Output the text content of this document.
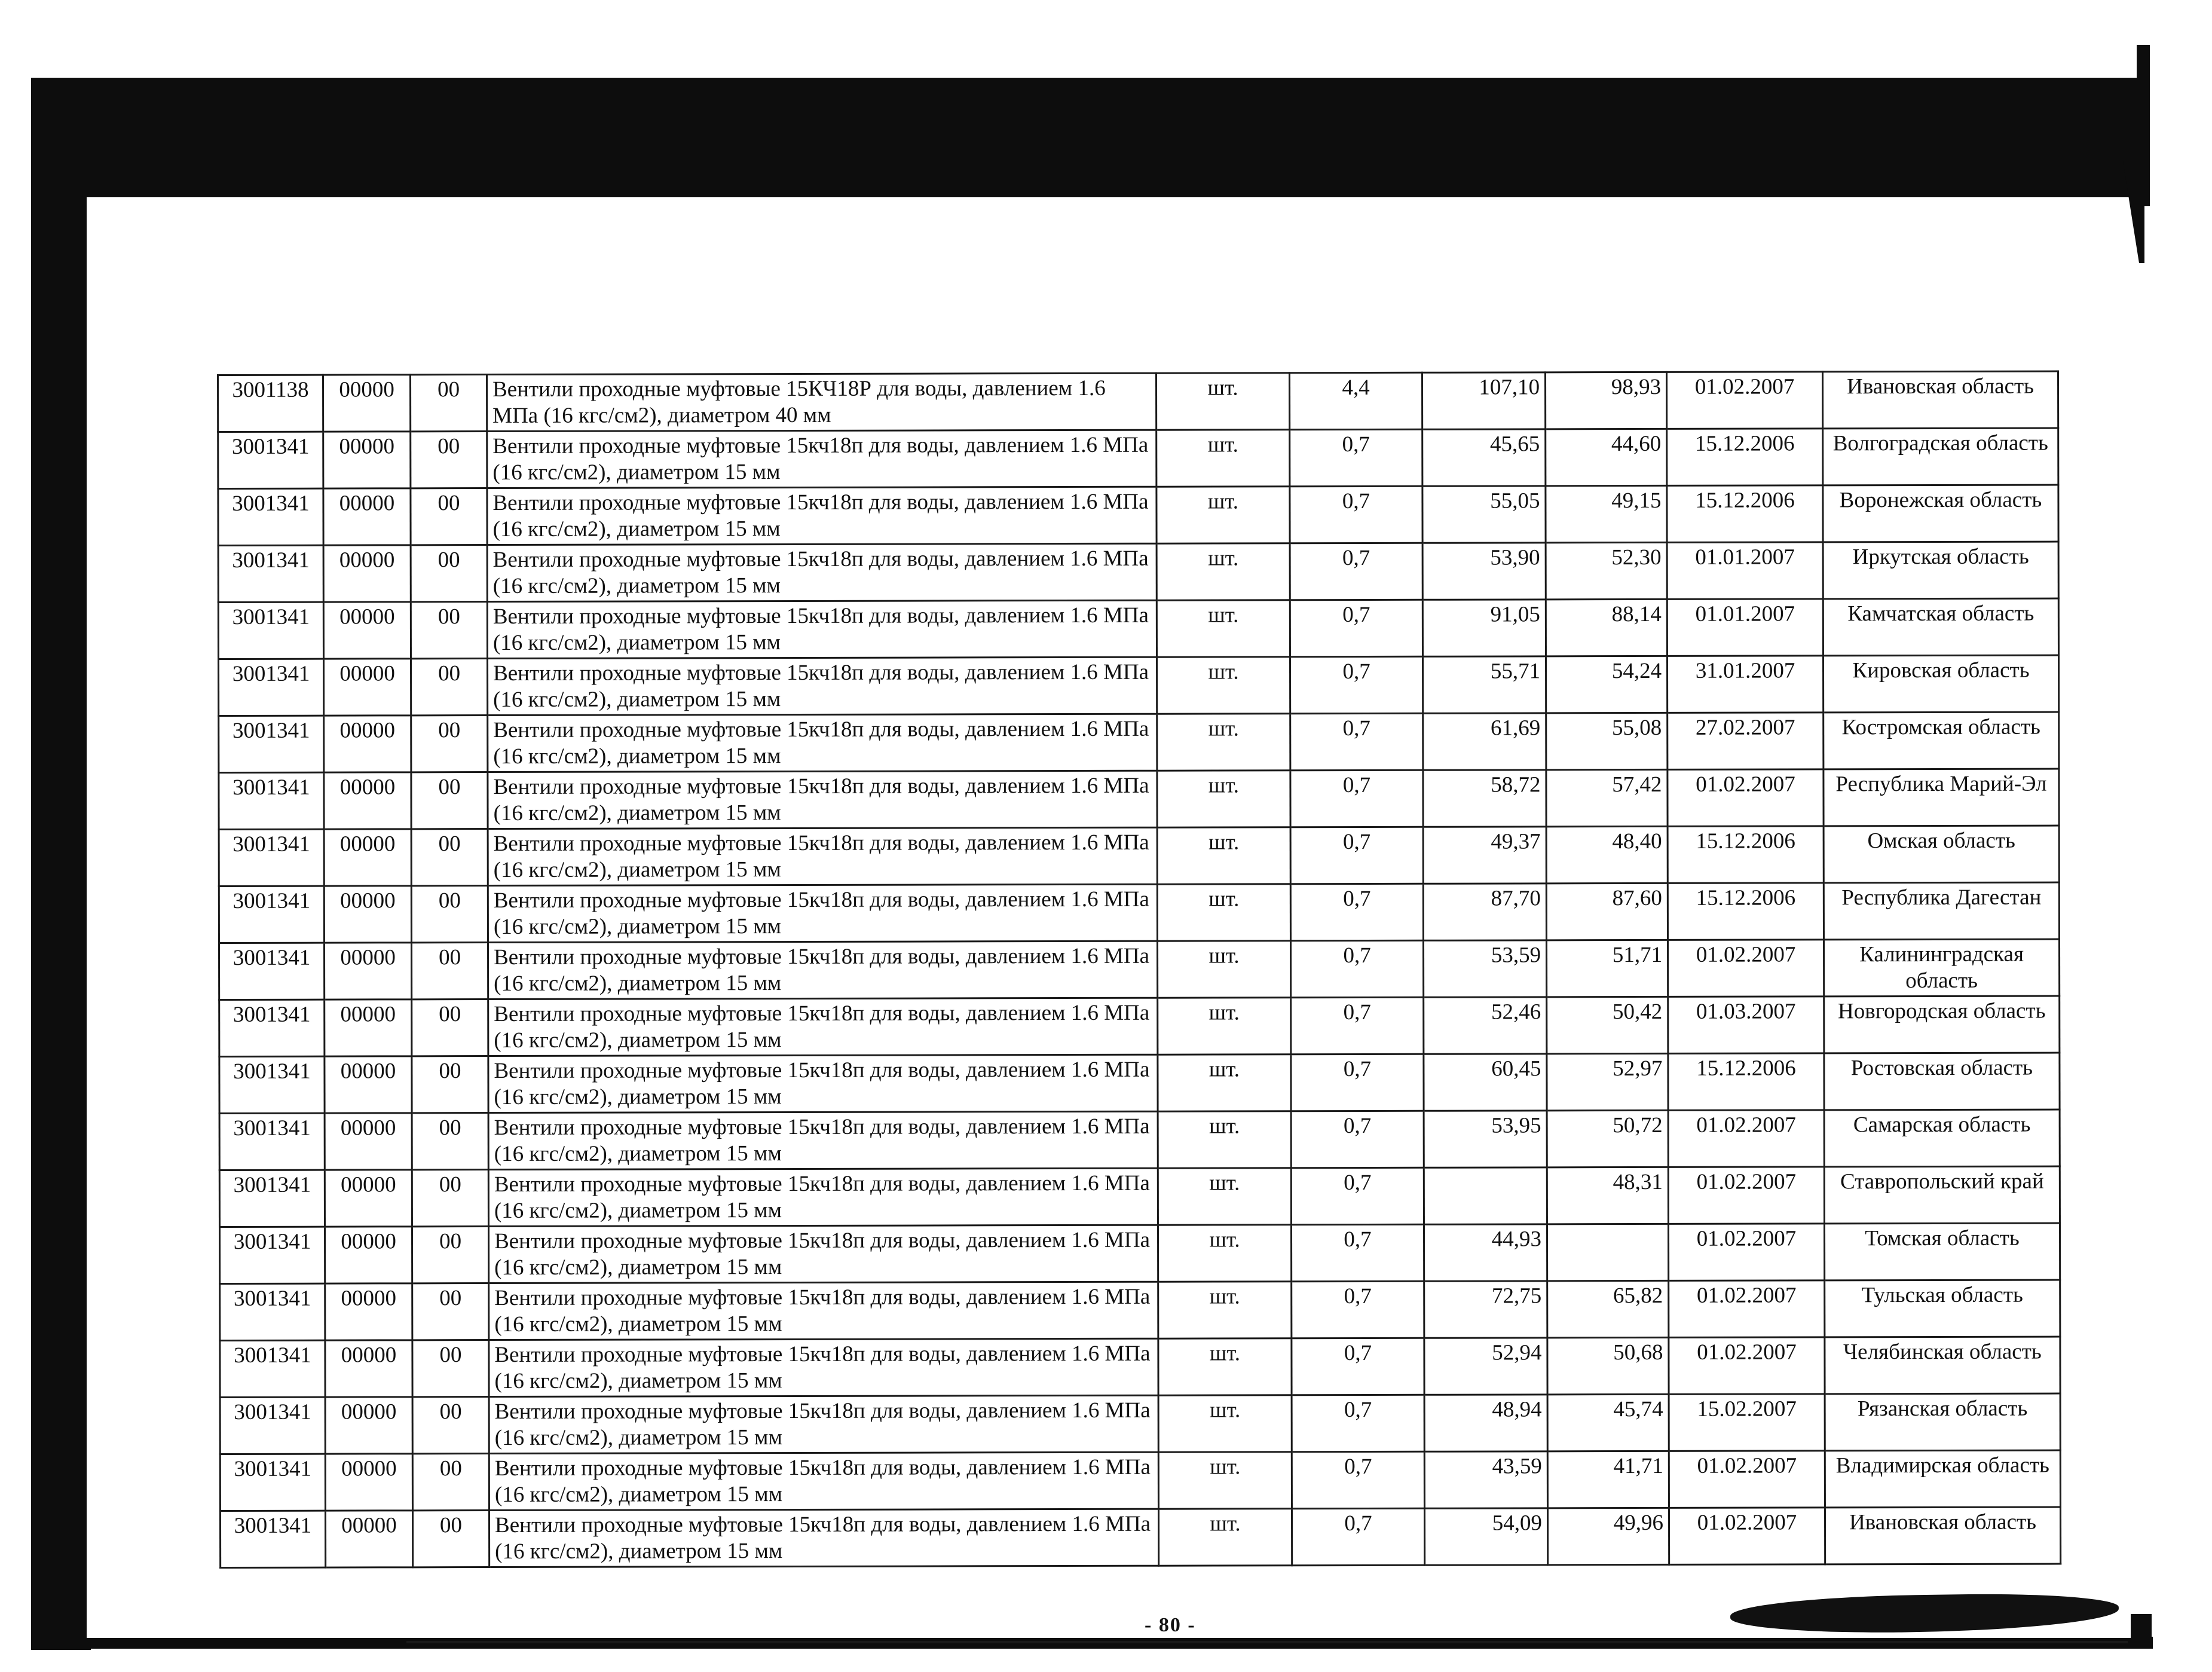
3001138	00000	00	Вентили проходные муфтовые 15КЧ18Р для воды, давлением 1.6 МПа (16 кгс/см2), диаметром 40 мм	шт.	4,4	107,10	98,93	01.02.2007	Ивановская область
3001341	00000	00	Вентили проходные муфтовые 15кч18п для воды, давлением 1.6 МПа (16 кгс/см2), диаметром 15 мм	шт.	0,7	45,65	44,60	15.12.2006	Волгоградская область
3001341	00000	00	Вентили проходные муфтовые 15кч18п для воды, давлением 1.6 МПа (16 кгс/см2), диаметром 15 мм	шт.	0,7	55,05	49,15	15.12.2006	Воронежская область
3001341	00000	00	Вентили проходные муфтовые 15кч18п для воды, давлением 1.6 МПа (16 кгс/см2), диаметром 15 мм	шт.	0,7	53,90	52,30	01.01.2007	Иркутская область
3001341	00000	00	Вентили проходные муфтовые 15кч18п для воды, давлением 1.6 МПа (16 кгс/см2), диаметром 15 мм	шт.	0,7	91,05	88,14	01.01.2007	Камчатская область
3001341	00000	00	Вентили проходные муфтовые 15кч18п для воды, давлением 1.6 МПа (16 кгс/см2), диаметром 15 мм	шт.	0,7	55,71	54,24	31.01.2007	Кировская область
3001341	00000	00	Вентили проходные муфтовые 15кч18п для воды, давлением 1.6 МПа (16 кгс/см2), диаметром 15 мм	шт.	0,7	61,69	55,08	27.02.2007	Костромская область
3001341	00000	00	Вентили проходные муфтовые 15кч18п для воды, давлением 1.6 МПа (16 кгс/см2), диаметром 15 мм	шт.	0,7	58,72	57,42	01.02.2007	Республика Марий-Эл
3001341	00000	00	Вентили проходные муфтовые 15кч18п для воды, давлением 1.6 МПа (16 кгс/см2), диаметром 15 мм	шт.	0,7	49,37	48,40	15.12.2006	Омская область
3001341	00000	00	Вентили проходные муфтовые 15кч18п для воды, давлением 1.6 МПа (16 кгс/см2), диаметром 15 мм	шт.	0,7	87,70	87,60	15.12.2006	Республика Дагестан
3001341	00000	00	Вентили проходные муфтовые 15кч18п для воды, давлением 1.6 МПа (16 кгс/см2), диаметром 15 мм	шт.	0,7	53,59	51,71	01.02.2007	Калининградская область
3001341	00000	00	Вентили проходные муфтовые 15кч18п для воды, давлением 1.6 МПа (16 кгс/см2), диаметром 15 мм	шт.	0,7	52,46	50,42	01.03.2007	Новгородская область
3001341	00000	00	Вентили проходные муфтовые 15кч18п для воды, давлением 1.6 МПа (16 кгс/см2), диаметром 15 мм	шт.	0,7	60,45	52,97	15.12.2006	Ростовская область
3001341	00000	00	Вентили проходные муфтовые 15кч18п для воды, давлением 1.6 МПа (16 кгс/см2), диаметром 15 мм	шт.	0,7	53,95	50,72	01.02.2007	Самарская область
3001341	00000	00	Вентили проходные муфтовые 15кч18п для воды, давлением 1.6 МПа (16 кгс/см2), диаметром 15 мм	шт.	0,7		48,31	01.02.2007	Ставропольский край
3001341	00000	00	Вентили проходные муфтовые 15кч18п для воды, давлением 1.6 МПа (16 кгс/см2), диаметром 15 мм	шт.	0,7	44,93		01.02.2007	Томская область
3001341	00000	00	Вентили проходные муфтовые 15кч18п для воды, давлением 1.6 МПа (16 кгс/см2), диаметром 15 мм	шт.	0,7	72,75	65,82	01.02.2007	Тульская область
3001341	00000	00	Вентили проходные муфтовые 15кч18п для воды, давлением 1.6 МПа (16 кгс/см2), диаметром 15 мм	шт.	0,7	52,94	50,68	01.02.2007	Челябинская область
3001341	00000	00	Вентили проходные муфтовые 15кч18п для воды, давлением 1.6 МПа (16 кгс/см2), диаметром 15 мм	шт.	0,7	48,94	45,74	15.02.2007	Рязанская область
3001341	00000	00	Вентили проходные муфтовые 15кч18п для воды, давлением 1.6 МПа (16 кгс/см2), диаметром 15 мм	шт.	0,7	43,59	41,71	01.02.2007	Владимирская область
3001341	00000	00	Вентили проходные муфтовые 15кч18п для воды, давлением 1.6 МПа (16 кгс/см2), диаметром 15 мм	шт.	0,7	54,09	49,96	01.02.2007	Ивановская область
- 80 -
